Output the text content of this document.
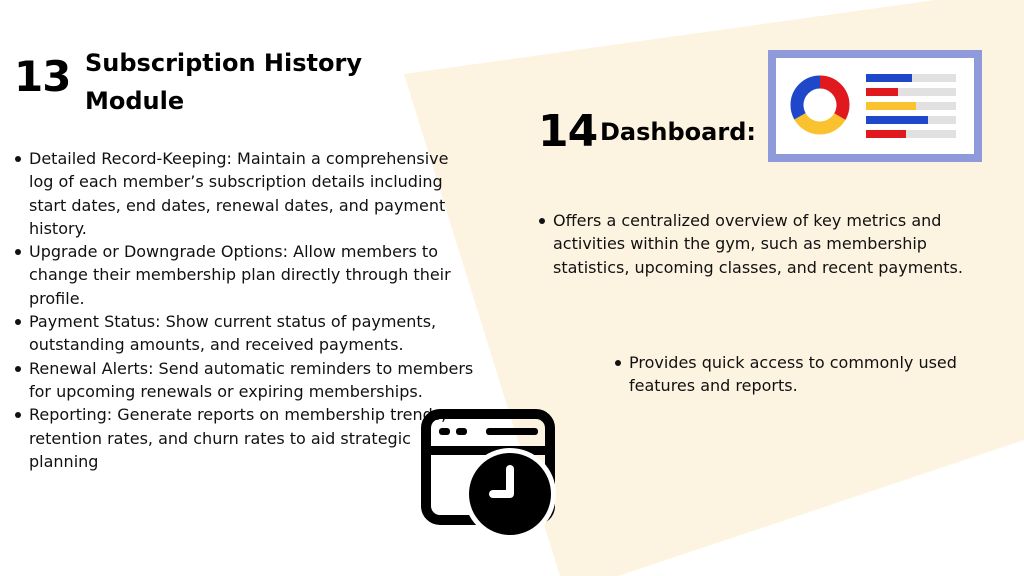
13 Subscription History
Module
Detailed Record-Keeping: Maintain a comprehensive log of each member’s subscription details including start dates, end dates, renewal dates, and payment history.
Upgrade or Downgrade Options: Allow members to change their membership plan directly through their profile.
Payment Status: Show current status of payments, outstanding amounts, and received payments.
Renewal Alerts: Send automatic reminders to members for upcoming renewals or expiring memberships.
Reporting: Generate reports on membership trends, retention rates, and churn rates to aid strategic planning
14 Dashboard:
Offers a centralized overview of key metrics and activities within the gym, such as membership statistics, upcoming classes, and recent payments.
Provides quick access to commonly used features and reports.
